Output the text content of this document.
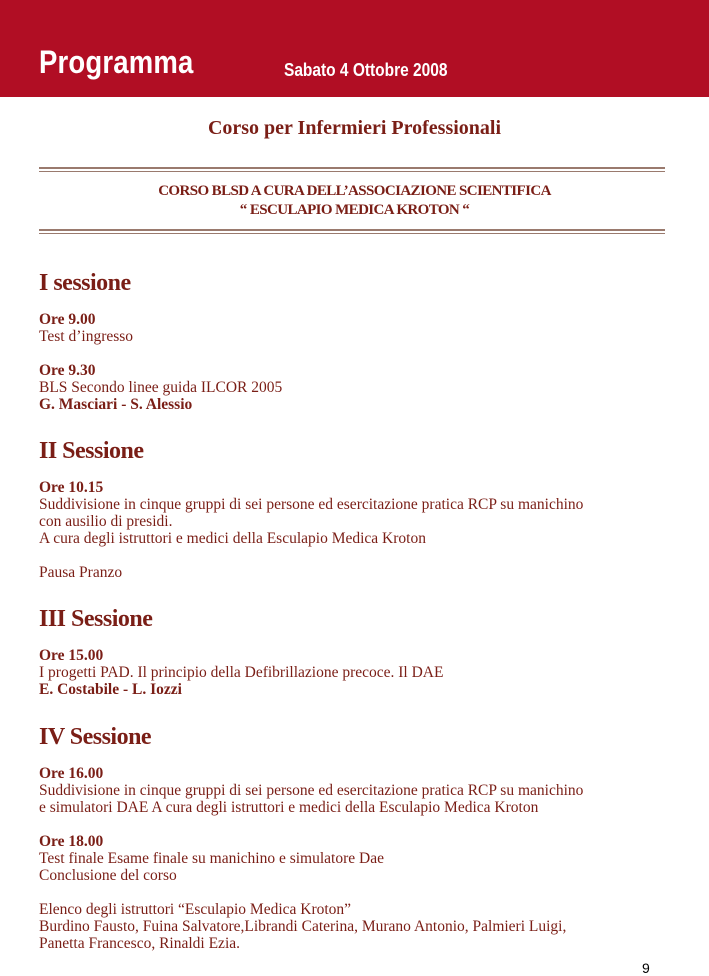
Programma	Sabato 4 Ottobre 2008
Corso per Infermieri Professionali
CORSO BLSD A CURA DELL’ASSOCIAZIONE SCIENTIFICA
“ ESCULAPIO MEDICA KROTON “
I sessione
Ore 9.00
Test d’ingresso
Ore 9.30
BLS Secondo linee guida ILCOR 2005
G. Masciari - S. Alessio
II Sessione
Ore 10.15
Suddivisione in cinque gruppi di sei persone ed esercitazione pratica RCP su manichino
con ausilio di presidi.
A cura degli istruttori e medici della Esculapio Medica Kroton
Pausa Pranzo
III Sessione
Ore 15.00
I progetti PAD. Il principio della Defibrillazione precoce. Il DAE
E. Costabile - L. Iozzi
IV Sessione
Ore 16.00
Suddivisione in cinque gruppi di sei persone ed esercitazione pratica RCP su manichino
e simulatori DAE A cura degli istruttori e medici della Esculapio Medica Kroton
Ore 18.00
Test finale Esame finale su manichino e simulatore Dae
Conclusione del corso
Elenco degli istruttori “Esculapio Medica Kroton”
Burdino Fausto, Fuina Salvatore,Librandi Caterina, Murano Antonio, Palmieri Luigi,
Panetta Francesco, Rinaldi Ezia.
9
